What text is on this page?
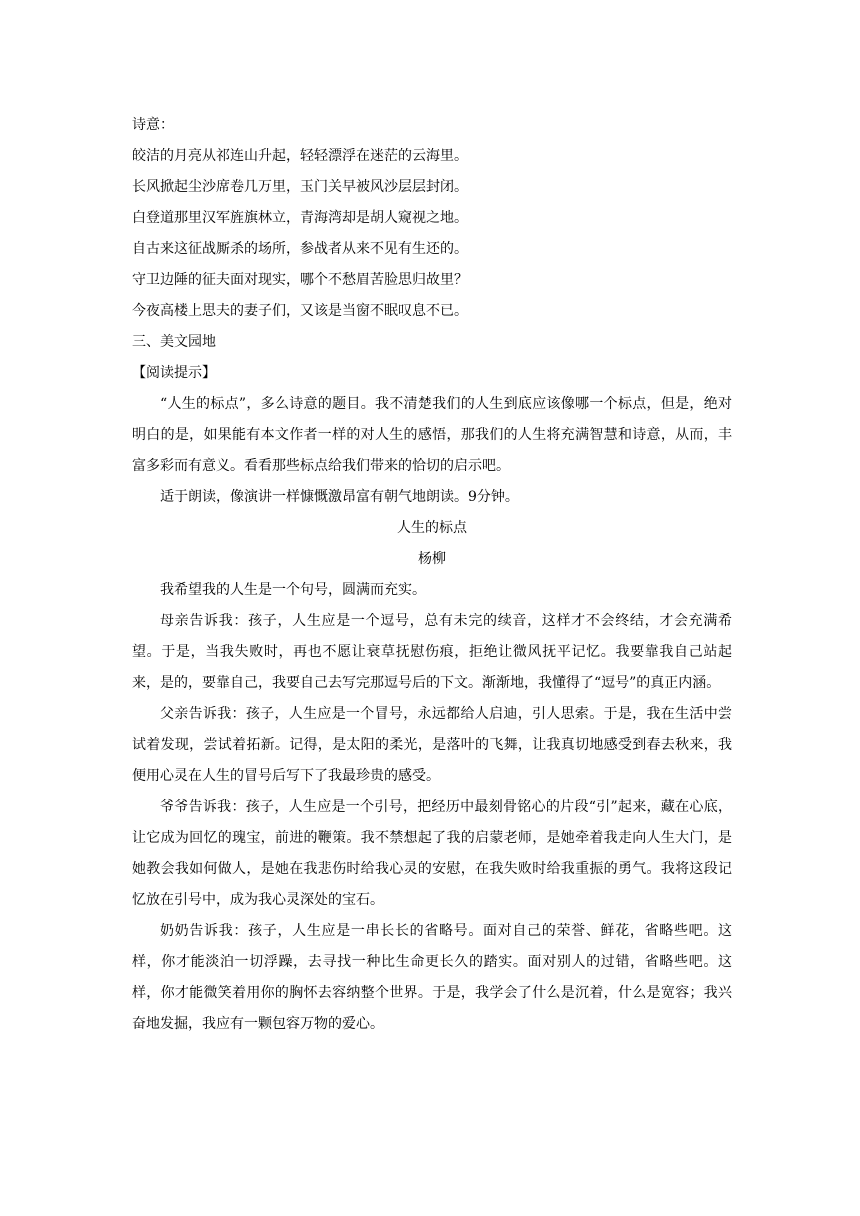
诗意：

皎洁的月亮从祁连山升起，轻轻漂浮在迷茫的云海里。

长风掀起尘沙席卷几万里，玉门关早被风沙层层封闭。

白登道那里汉军旌旗林立，青海湾却是胡人窥视之地。

自古来这征战厮杀的场所，参战者从来不见有生还的。

守卫边陲的征夫面对现实，哪个不愁眉苦脸思归故里？

今夜高楼上思夫的妻子们，又该是当窗不眠叹息不已。

三、美文园地

【阅读提示】

“人生的标点”，多么诗意的题目。我不清楚我们的人生到底应该像哪一个标点，但是，绝对明白的是，如果能有本文作者一样的对人生的感悟，那我们的人生将充满智慧和诗意，从而，丰富多彩而有意义。看看那些标点给我们带来的恰切的启示吧。

适于朗读，像演讲一样慷慨激昂富有朝气地朗读。9分钟。

人生的标点

杨柳

我希望我的人生是一个句号，圆满而充实。

母亲告诉我：孩子，人生应是一个逗号，总有未完的续音，这样才不会终结，才会充满希望。于是，当我失败时，再也不愿让衰草抚慰伤痕，拒绝让微风抚平记忆。我要靠我自己站起来，是的，要靠自己，我要自己去写完那逗号后的下文。渐渐地，我懂得了“逗号”的真正内涵。

父亲告诉我：孩子，人生应是一个冒号，永远都给人启迪，引人思索。于是，我在生活中尝试着发现，尝试着拓新。记得，是太阳的柔光，是落叶的飞舞，让我真切地感受到春去秋来，我便用心灵在人生的冒号后写下了我最珍贵的感受。

爷爷告诉我：孩子，人生应是一个引号，把经历中最刻骨铭心的片段“引”起来，藏在心底，让它成为回忆的瑰宝，前进的鞭策。我不禁想起了我的启蒙老师，是她牵着我走向人生大门，是她教会我如何做人，是她在我悲伤时给我心灵的安慰，在我失败时给我重振的勇气。我将这段记忆放在引号中，成为我心灵深处的宝石。

奶奶告诉我：孩子，人生应是一串长长的省略号。面对自己的荣誉、鲜花，省略些吧。这样，你才能淡泊一切浮躁，去寻找一种比生命更长久的踏实。面对别人的过错，省略些吧。这样，你才能微笑着用你的胸怀去容纳整个世界。于是，我学会了什么是沉着，什么是宽容；我兴奋地发掘，我应有一颗包容万物的爱心。
